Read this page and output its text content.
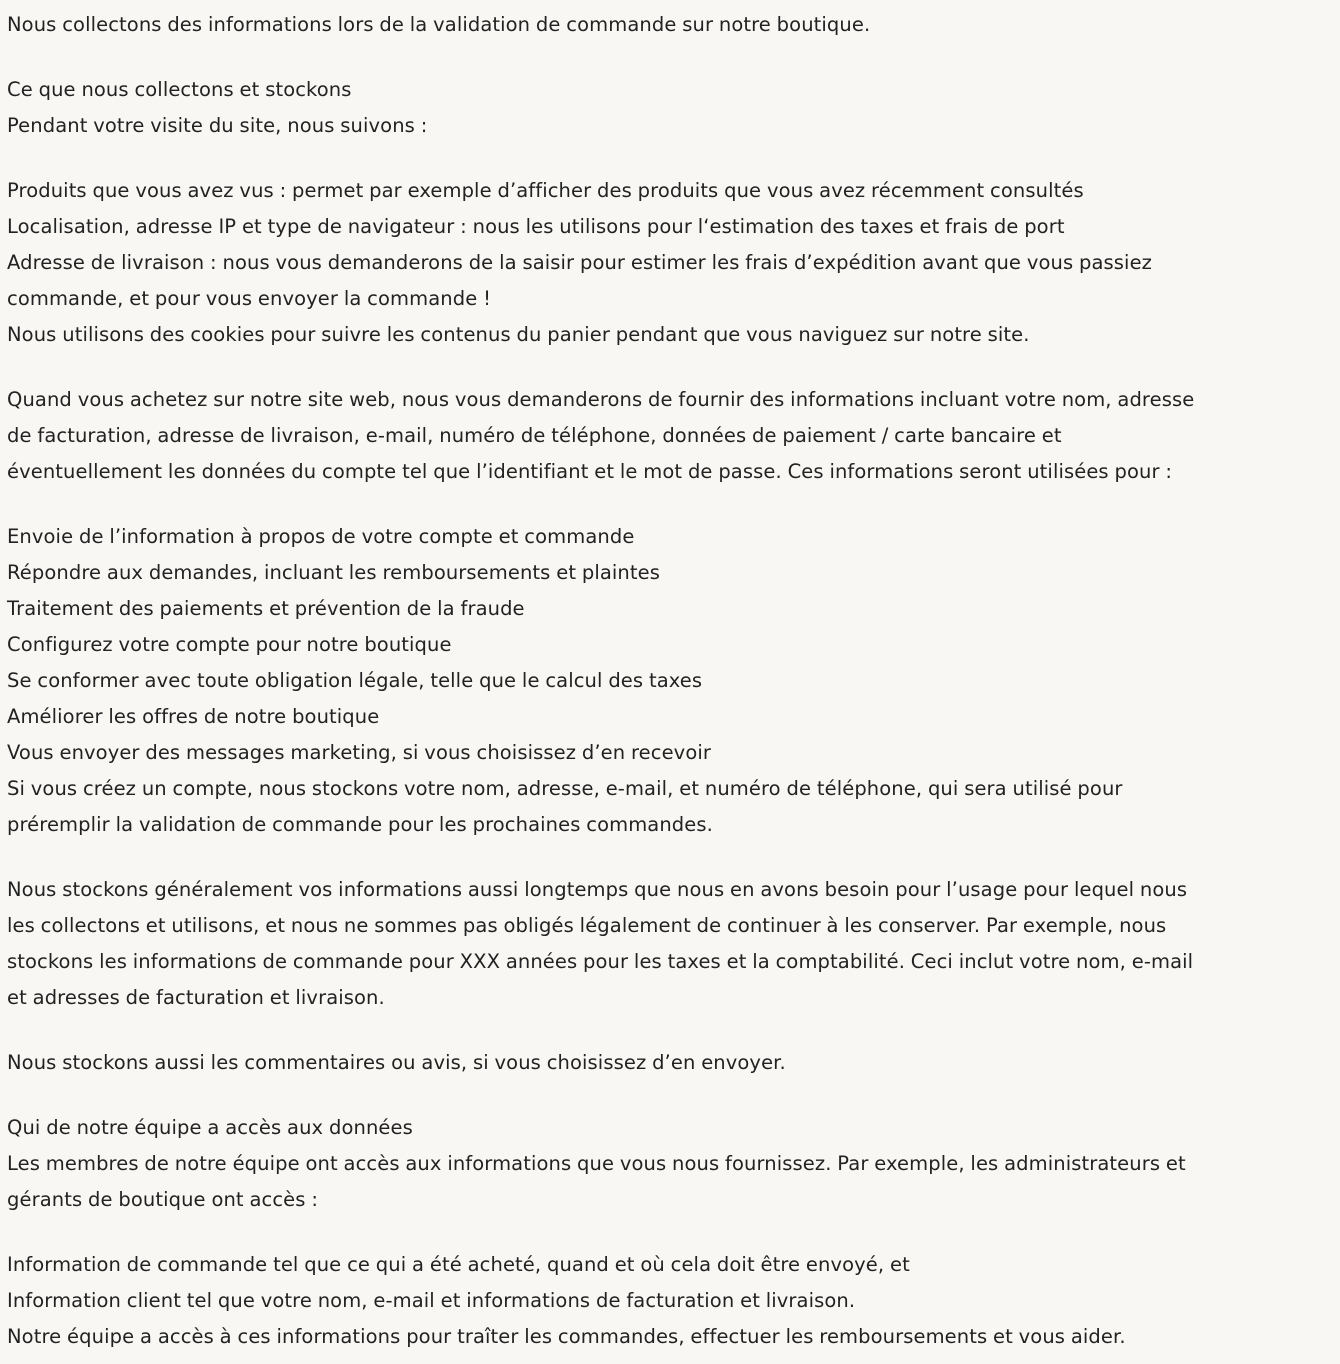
Nous collectons des informations lors de la validation de commande sur notre boutique.
Ce que nous collectons et stockons
Pendant votre visite du site, nous suivons :
Produits que vous avez vus : permet par exemple d’afficher des produits que vous avez récemment consultés
Localisation, adresse IP et type de navigateur : nous les utilisons pour l‘estimation des taxes et frais de port
Adresse de livraison : nous vous demanderons de la saisir pour estimer les frais d’expédition avant que vous passiez
commande, et pour vous envoyer la commande !
Nous utilisons des cookies pour suivre les contenus du panier pendant que vous naviguez sur notre site.
Quand vous achetez sur notre site web, nous vous demanderons de fournir des informations incluant votre nom, adresse
de facturation, adresse de livraison, e-mail, numéro de téléphone, données de paiement / carte bancaire et
éventuellement les données du compte tel que l’identifiant et le mot de passe. Ces informations seront utilisées pour :
Envoie de l’information à propos de votre compte et commande
Répondre aux demandes, incluant les remboursements et plaintes
Traitement des paiements et prévention de la fraude
Configurez votre compte pour notre boutique
Se conformer avec toute obligation légale, telle que le calcul des taxes
Améliorer les offres de notre boutique
Vous envoyer des messages marketing, si vous choisissez d’en recevoir
Si vous créez un compte, nous stockons votre nom, adresse, e-mail, et numéro de téléphone, qui sera utilisé pour
préremplir la validation de commande pour les prochaines commandes.
Nous stockons généralement vos informations aussi longtemps que nous en avons besoin pour l’usage pour lequel nous
les collectons et utilisons, et nous ne sommes pas obligés légalement de continuer à les conserver. Par exemple, nous
stockons les informations de commande pour XXX années pour les taxes et la comptabilité. Ceci inclut votre nom, e-mail
et adresses de facturation et livraison.
Nous stockons aussi les commentaires ou avis, si vous choisissez d’en envoyer.
Qui de notre équipe a accès aux données
Les membres de notre équipe ont accès aux informations que vous nous fournissez. Par exemple, les administrateurs et
gérants de boutique ont accès :
Information de commande tel que ce qui a été acheté, quand et où cela doit être envoyé, et
Information client tel que votre nom, e-mail et informations de facturation et livraison.
Notre équipe a accès à ces informations pour traîter les commandes, effectuer les remboursements et vous aider.
